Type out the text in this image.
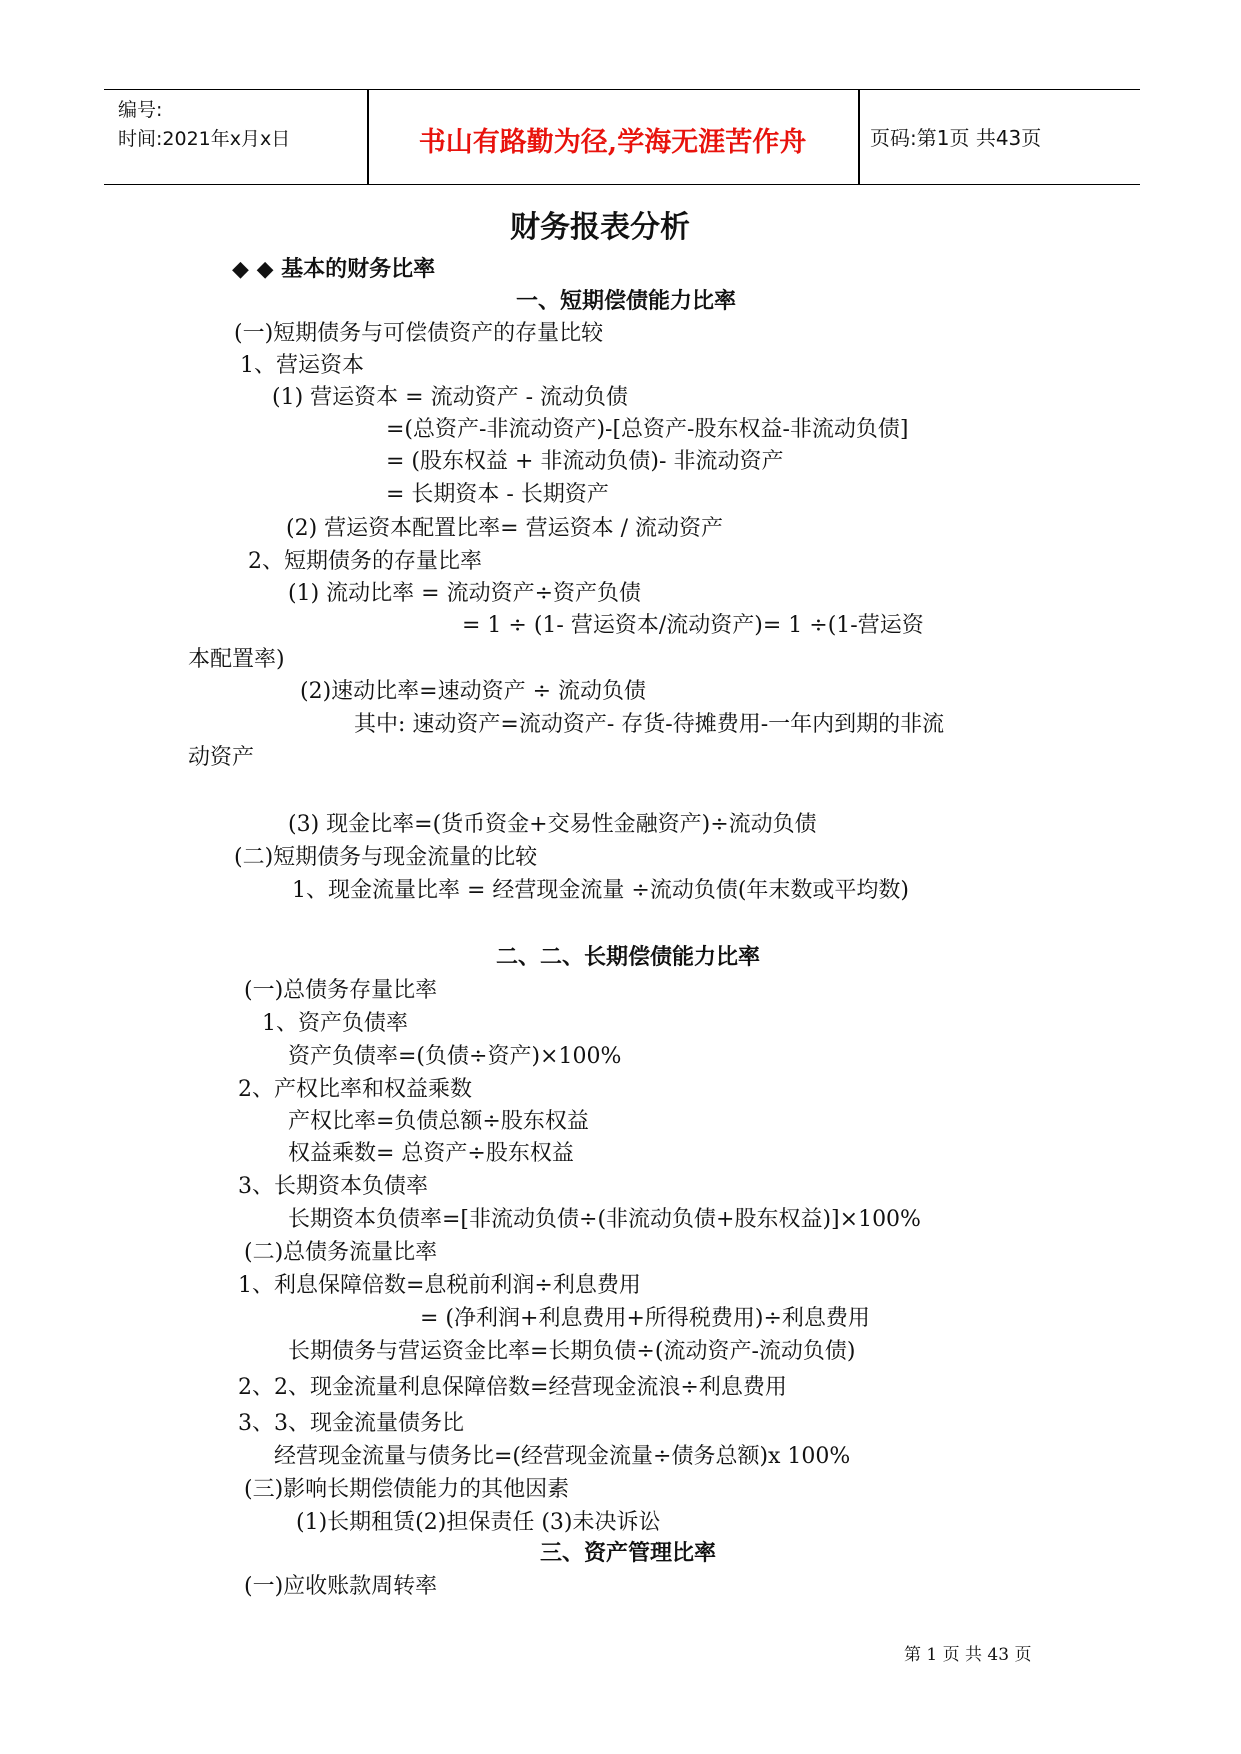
编号:
时间:2021年x月x日	书山有路勤为径,学海无涯苦作舟	页码:第1页 共43页
财务报表分析
◆ ◆ 基本的财务比率
一、短期偿债能力比率
(一)短期债务与可偿债资产的存量比较
1、营运资本
(1) 营运资本 = 流动资产 - 流动负债
=(总资产-非流动资产)-[总资产-股东权益-非流动负债]
= (股东权益 + 非流动负债)- 非流动资产
= 长期资本 - 长期资产
(2) 营运资本配置比率= 营运资本 / 流动资产
2、短期债务的存量比率
(1) 流动比率 = 流动资产÷资产负债
= 1 ÷ (1- 营运资本/流动资产)= 1 ÷(1-营运资
本配置率)
(2)速动比率=速动资产 ÷ 流动负债
其中: 速动资产=流动资产- 存货-待摊费用-一年内到期的非流
动资产
(3) 现金比率=(货币资金+交易性金融资产)÷流动负债
(二)短期债务与现金流量的比较
1、现金流量比率 = 经营现金流量 ÷流动负债(年末数或平均数)
二、二、长期偿债能力比率
(一)总债务存量比率
1、资产负债率
资产负债率=(负债÷资产)×100%
2、产权比率和权益乘数
产权比率=负债总额÷股东权益
权益乘数= 总资产÷股东权益
3、长期资本负债率
长期资本负债率=[非流动负债÷(非流动负债+股东权益)]×100%
(二)总债务流量比率
1、利息保障倍数=息税前利润÷利息费用
= (净利润+利息费用+所得税费用)÷利息费用
长期债务与营运资金比率=长期负债÷(流动资产-流动负债)
2、2、现金流量利息保障倍数=经营现金流浪÷利息费用
3、3、现金流量债务比
经营现金流量与债务比=(经营现金流量÷债务总额)x 100%
(三)影响长期偿债能力的其他因素
(1)长期租赁(2)担保责任 (3)未决诉讼
三、资产管理比率
(一)应收账款周转率
第 1 页 共 43 页
